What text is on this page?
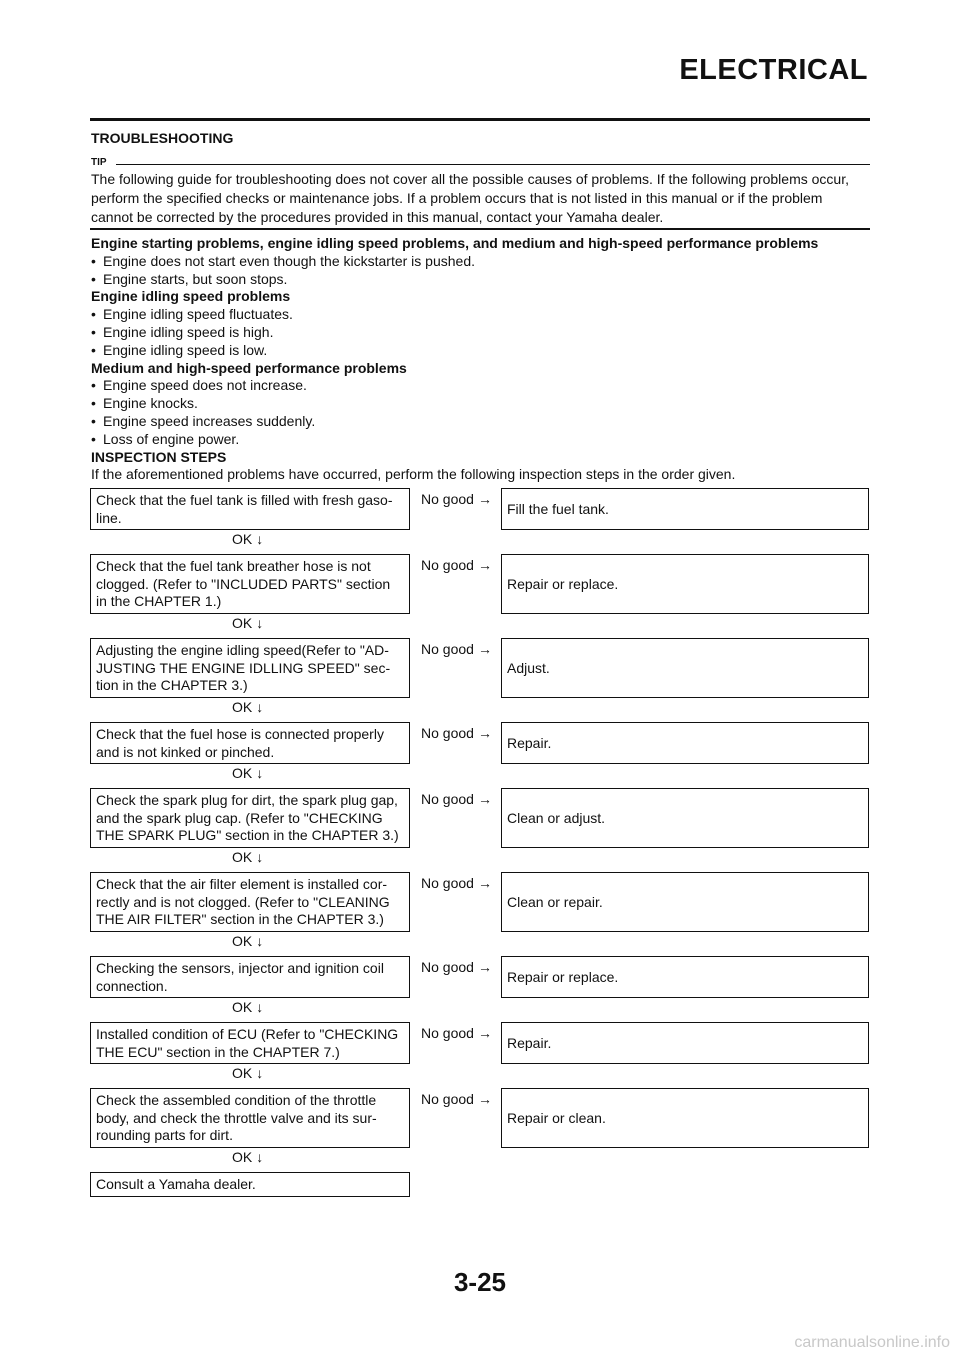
ELECTRICAL
TROUBLESHOOTING
TIP
The following guide for troubleshooting does not cover all the possible causes of problems. If the following problems occur,
perform the specified checks or maintenance jobs. If a problem occurs that is not listed in this manual or if the problem
cannot be corrected by the procedures provided in this manual, contact your Yamaha dealer.
Engine starting problems, engine idling speed problems, and medium and high-speed performance problems
• Engine does not start even though the kickstarter is pushed.
• Engine starts, but soon stops.
Engine idling speed problems
• Engine idling speed fluctuates.
• Engine idling speed is high.
• Engine idling speed is low.
Medium and high-speed performance problems
• Engine speed does not increase.
• Engine knocks.
• Engine speed increases suddenly.
• Loss of engine power.
INSPECTION STEPS
If the aforementioned problems have occurred, perform the following inspection steps in the order given.
Check that the fuel tank is filled with fresh gaso-
line.
No good →
Fill the fuel tank.
OK ↓
Check that the fuel tank breather hose is not
clogged. (Refer to "INCLUDED PARTS" section
in the CHAPTER 1.)
No good →
Repair or replace.
OK ↓
Adjusting the engine idling speed(Refer to "AD-
JUSTING THE ENGINE IDLLING SPEED" sec-
tion in the CHAPTER 3.)
No good →
Adjust.
OK ↓
Check that the fuel hose is connected properly
and is not kinked or pinched.
No good →
Repair.
OK ↓
Check the spark plug for dirt, the spark plug gap,
and the spark plug cap. (Refer to "CHECKING
THE SPARK PLUG" section in the CHAPTER 3.)
No good →
Clean or adjust.
OK ↓
Check that the air filter element is installed cor-
rectly and is not clogged. (Refer to "CLEANING
THE AIR FILTER" section in the CHAPTER 3.)
No good →
Clean or repair.
OK ↓
Checking the sensors, injector and ignition coil
connection.
No good →
Repair or replace.
OK ↓
Installed condition of ECU (Refer to "CHECKING
THE ECU" section in the CHAPTER 7.)
No good →
Repair.
OK ↓
Check the assembled condition of the throttle
body, and check the throttle valve and its sur-
rounding parts for dirt.
No good →
Repair or clean.
OK ↓
Consult a Yamaha dealer.
3-25
carmanualsonline.info
